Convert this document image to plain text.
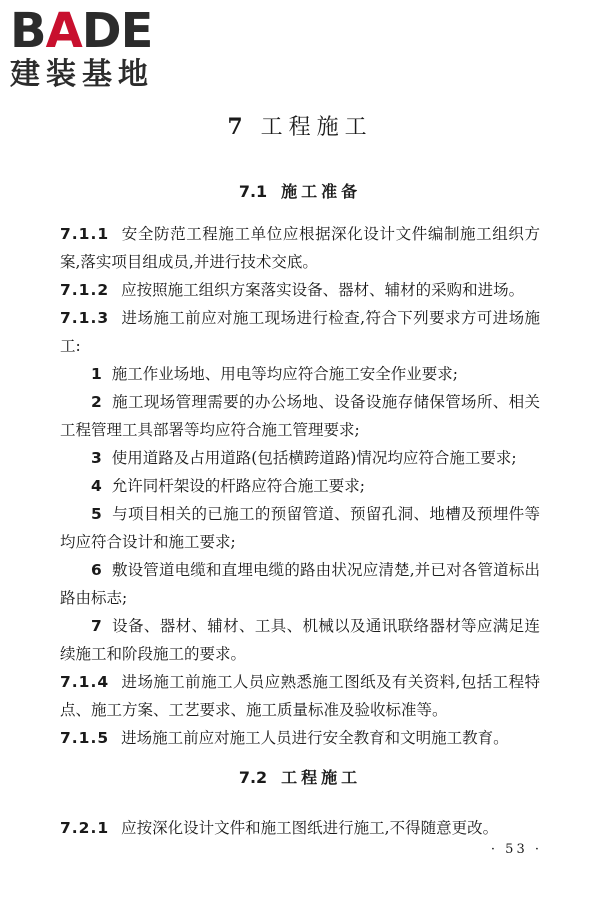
BADE
建装基地
7 工程施工
7.1 施工准备
7.1.1 安全防范工程施工单位应根据深化设计文件编制施工组织方案,落实项目组成员,并进行技术交底。
7.1.2 应按照施工组织方案落实设备、器材、辅材的采购和进场。
7.1.3 进场施工前应对施工现场进行检查,符合下列要求方可进场施工:
1 施工作业场地、用电等均应符合施工安全作业要求;
2 施工现场管理需要的办公场地、设备设施存储保管场所、相关工程管理工具部署等均应符合施工管理要求;
3 使用道路及占用道路(包括横跨道路)情况均应符合施工要求;
4 允许同杆架设的杆路应符合施工要求;
5 与项目相关的已施工的预留管道、预留孔洞、地槽及预埋件等均应符合设计和施工要求;
6 敷设管道电缆和直埋电缆的路由状况应清楚,并已对各管道标出路由标志;
7 设备、器材、辅材、工具、机械以及通讯联络器材等应满足连续施工和阶段施工的要求。
7.1.4 进场施工前施工人员应熟悉施工图纸及有关资料,包括工程特点、施工方案、工艺要求、施工质量标准及验收标准等。
7.1.5 进场施工前应对施工人员进行安全教育和文明施工教育。
7.2 工程施工
7.2.1 应按深化设计文件和施工图纸进行施工,不得随意更改。
· 53 ·
